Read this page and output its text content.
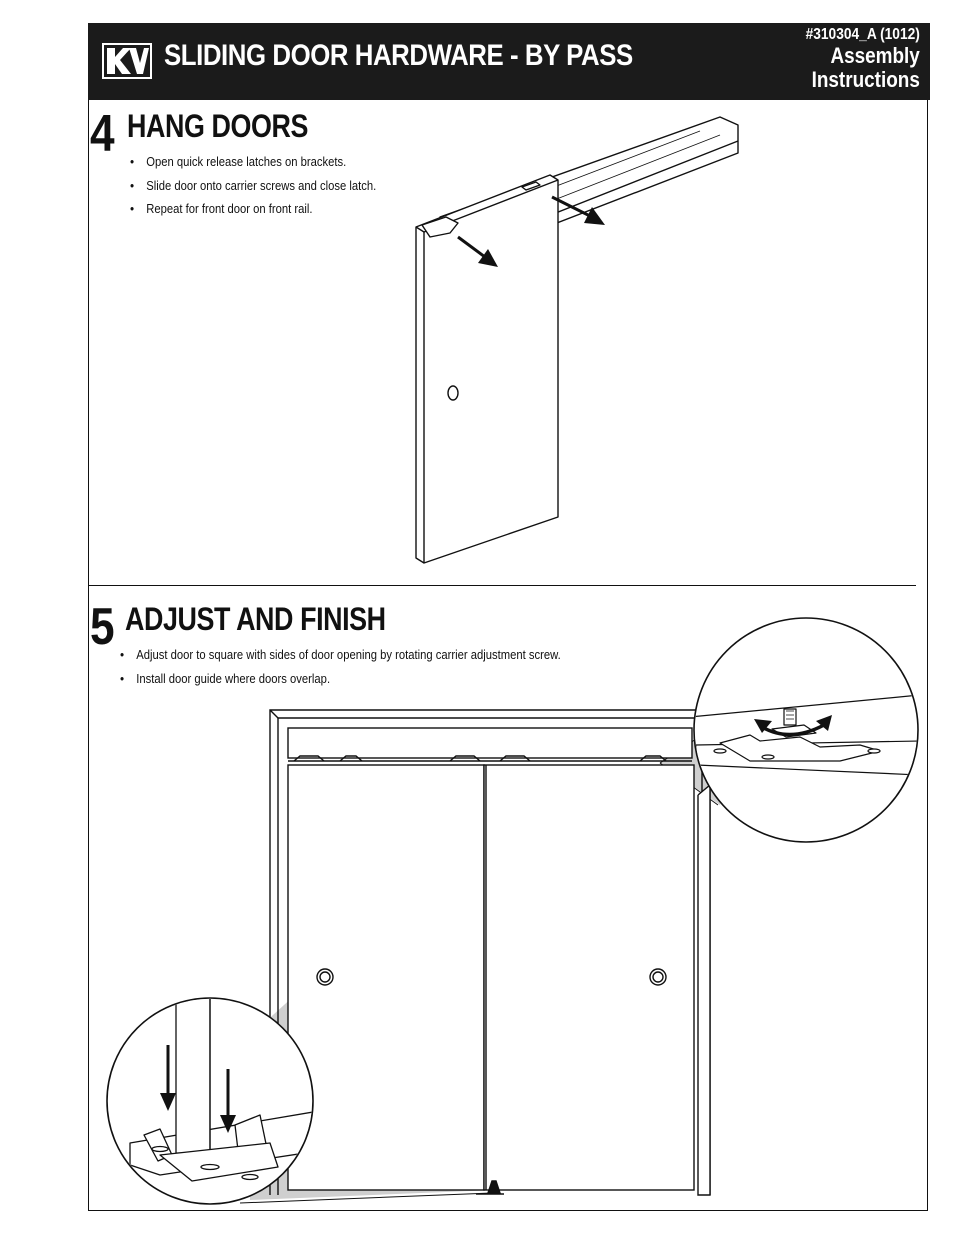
SLIDING DOOR HARDWARE - BY PASS
#310304_A (1012)
Assembly
Instructions
4 HANG DOORS
• Open quick release latches on brackets.
• Slide door onto carrier screws and close latch.
• Repeat for front door on front rail.
5 ADJUST AND FINISH
• Adjust door to square with sides of door opening by rotating carrier adjustment screw.
• Install door guide where doors overlap.
